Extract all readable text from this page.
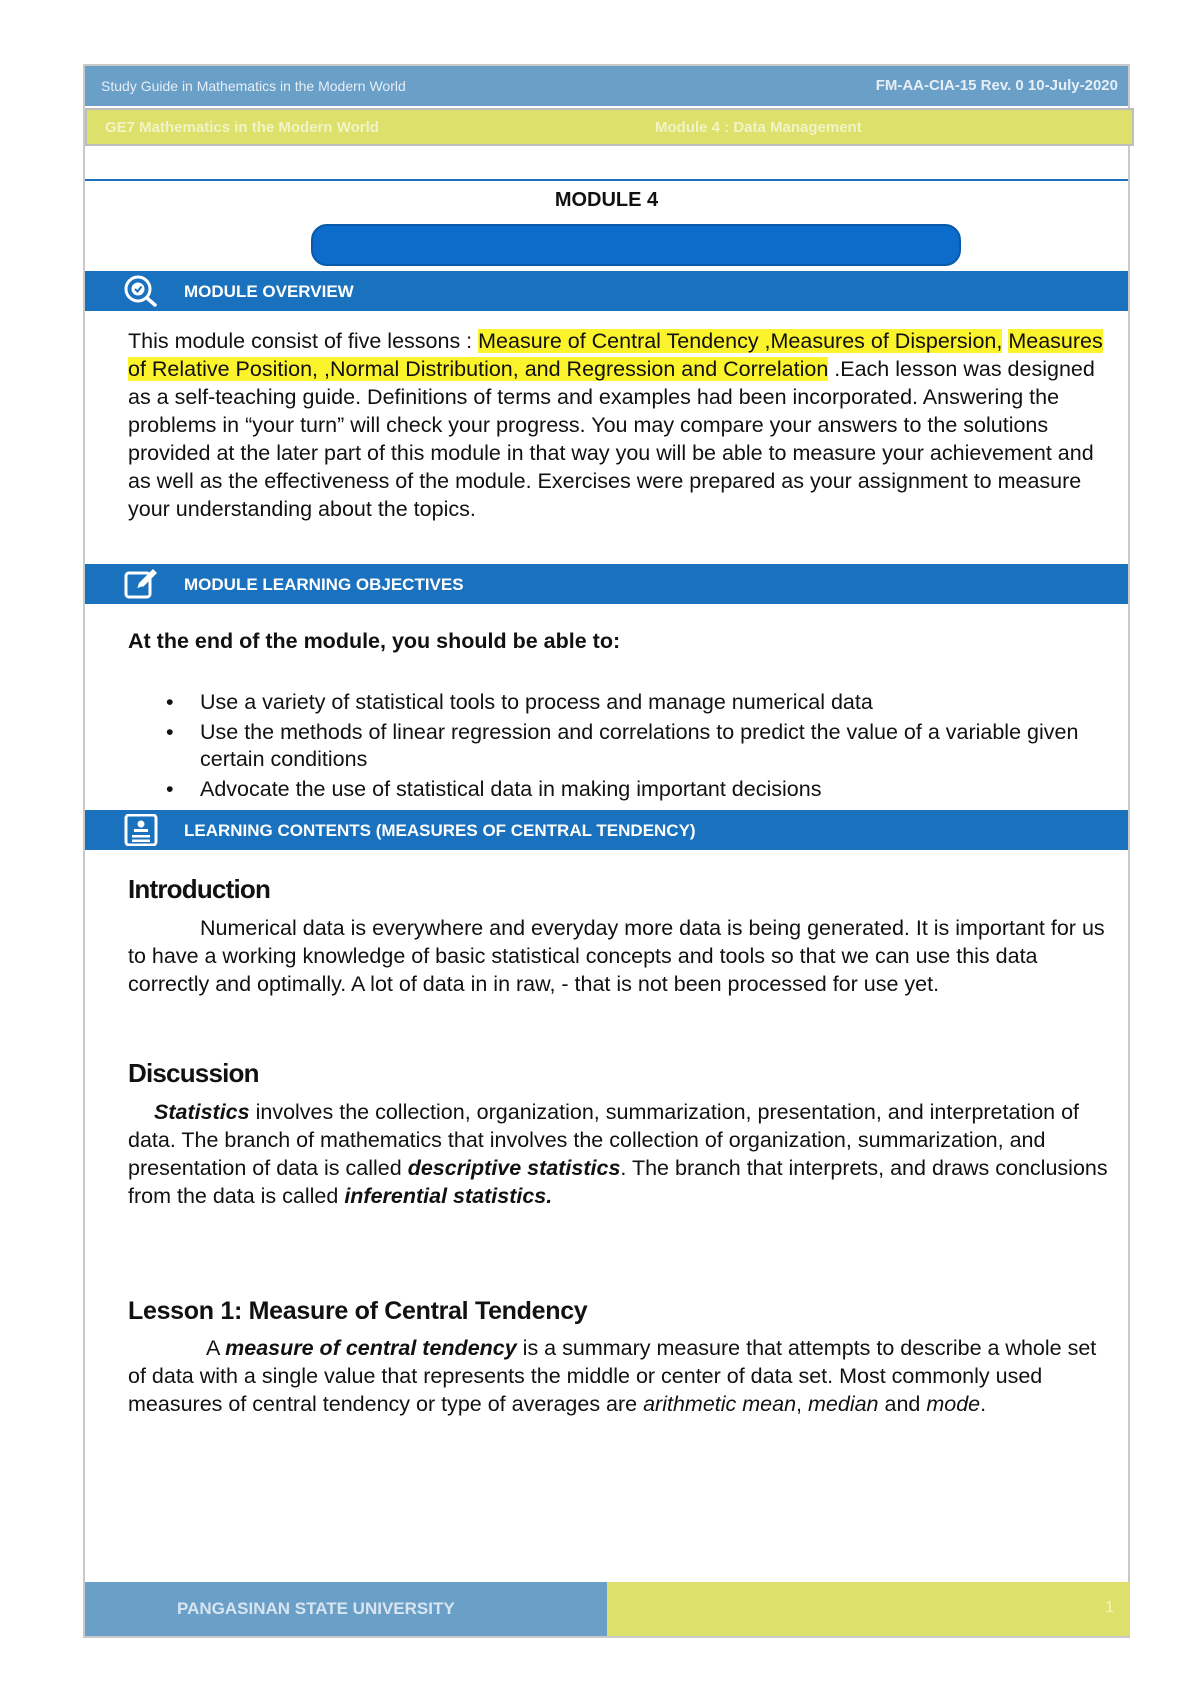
Study Guide in Mathematics in the Modern World	FM-AA-CIA-15 Rev. 0 10-July-2020
GE7 Mathematics in the Modern World	Module 4 : Data Management
MODULE 4
MODULE OVERVIEW
This module consist of five lessons : Measure of Central Tendency ,Measures of Dispersion, Measures of Relative Position, ,Normal Distribution, and Regression and Correlation .Each lesson was designed as a self-teaching guide. Definitions of terms and examples had been incorporated. Answering the problems in “your turn” will check your progress. You may compare your answers to the solutions provided at the later part of this module in that way you will be able to measure your achievement and as well as the effectiveness of the module. Exercises were prepared as your assignment to measure your understanding about the topics.
MODULE LEARNING OBJECTIVES
At the end of the module, you should be able to:
• Use a variety of statistical tools to process and manage numerical data
• Use the methods of linear regression and correlations to predict the value of a variable given certain conditions
• Advocate the use of statistical data in making important decisions
LEARNING CONTENTS (MEASURES OF CENTRAL TENDENCY)
Introduction
Numerical data is everywhere and everyday more data is being generated. It is important for us to have a working knowledge of basic statistical concepts and tools so that we can use this data correctly and optimally. A lot of data in in raw, - that is not been processed for use yet.
Discussion
Statistics involves the collection, organization, summarization, presentation, and interpretation of data. The branch of mathematics that involves the collection of organization, summarization, and presentation of data is called descriptive statistics. The branch that interprets, and draws conclusions from the data is called inferential statistics.
Lesson 1: Measure of Central Tendency
A measure of central tendency is a summary measure that attempts to describe a whole set of data with a single value that represents the middle or center of data set. Most commonly used measures of central tendency or type of averages are arithmetic mean, median and mode.
PANGASINAN STATE UNIVERSITY	1
